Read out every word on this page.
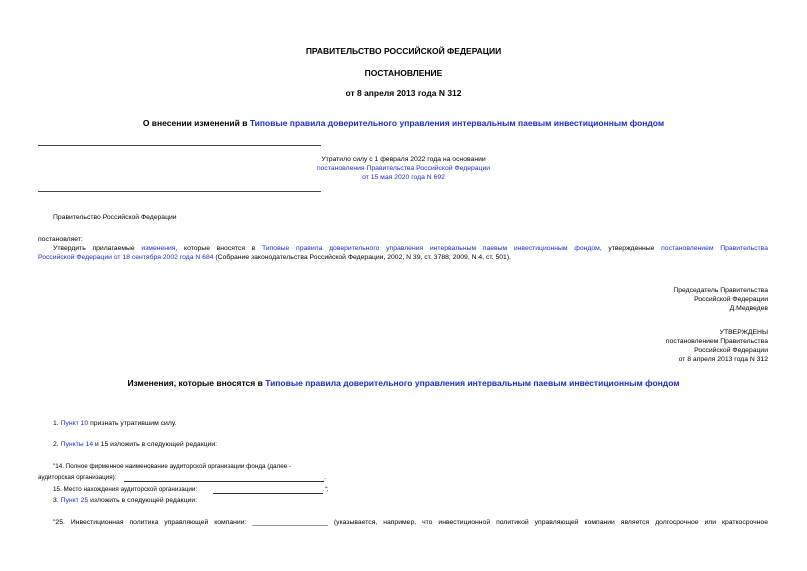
ПРАВИТЕЛЬСТВО РОССИЙСКОЙ ФЕДЕРАЦИИ
ПОСТАНОВЛЕНИЕ
от 8 апреля 2013 года N 312
О внесении изменений в Типовые правила доверительного управления интервальным паевым инвестиционным фондом
Утратило силу с 1 февраля 2022 года на основании
постановления Правительства Российской Федерации
от 15 мая 2020 года N 692
Правительство Российской Федерации
постановляет:
Утвердить прилагаемые изменения, которые вносятся в Типовые правила доверительного управления интервальным паевым инвестиционным фондом, утвержденные постановлением Правительства
Российской Федерации от 18 сентября 2002 года N 684 (Собрание законодательства Российской Федерации, 2002, N 39, ст. 3788; 2009, N 4, ст. 501).
Председатель Правительства
Российской Федерации
Д.Медведев
УТВЕРЖДЕНЫ
постановлением Правительства
Российской Федерации
от 8 апреля 2013 года N 312
Изменения, которые вносятся в Типовые правила доверительного управления интервальным паевым инвестиционным фондом
1. Пункт 10 признать утратившим силу.
2. Пункты 14 и 15 изложить в следующей редакции:
"14. Полное фирменное наименование аудиторской организации фонда (далее -
аудиторская организация):	.
15. Место нахождения аудиторской организации:	.";
3. Пункт 25 изложить в следующей редакции:
"25. Инвестиционная политика управляющей компании: ____________________ (указывается, например, что инвестиционной политикой управляющей компании является долгосрочное или краткосрочное
